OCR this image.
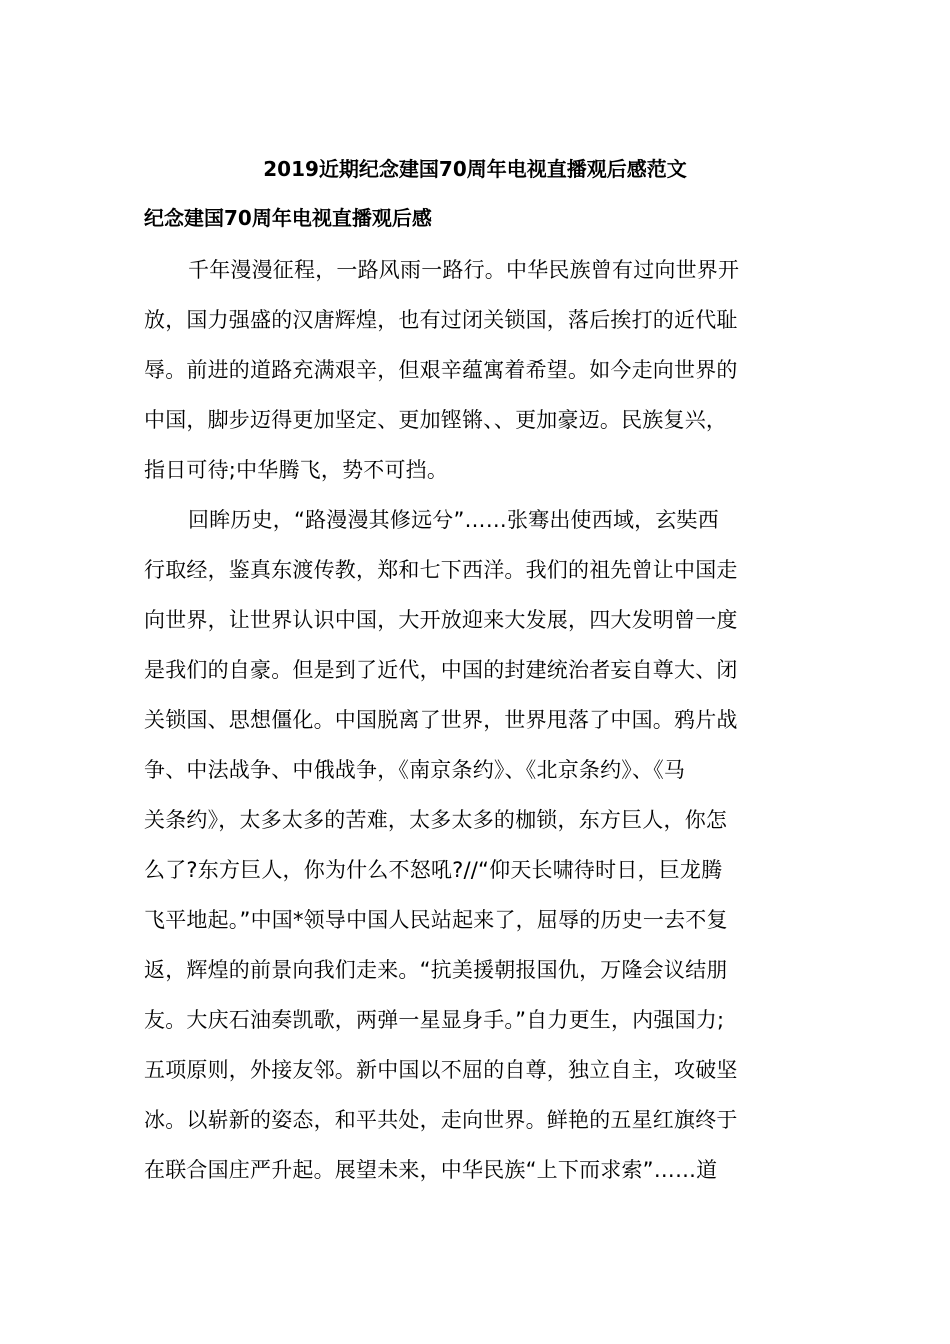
2019近期纪念建国70周年电视直播观后感范文
纪念建国70周年电视直播观后感

千年漫漫征程，一路风雨一路行。中华民族曾有过向世界开
放，国力强盛的汉唐辉煌，也有过闭关锁国，落后挨打的近代耻
辱。前进的道路充满艰辛，但艰辛蕴寓着希望。如今走向世界的
中国，脚步迈得更加坚定、更加铿锵、、更加豪迈。民族复兴，
指日可待;中华腾飞，势不可挡。

回眸历史，“路漫漫其修远兮”……张骞出使西域，玄奘西
行取经，鉴真东渡传教，郑和七下西洋。我们的祖先曾让中国走
向世界，让世界认识中国，大开放迎来大发展，四大发明曾一度
是我们的自豪。但是到了近代，中国的封建统治者妄自尊大、闭
关锁国、思想僵化。中国脱离了世界，世界甩落了中国。鸦片战
争、中法战争、中俄战争，《南京条约》、《北京条约》、《马
关条约》，太多太多的苦难，太多太多的枷锁，东方巨人，你怎
么了?东方巨人，你为什么不怒吼?//“仰天长啸待时日，巨龙腾
飞平地起。”中国*领导中国人民站起来了，屈辱的历史一去不复
返，辉煌的前景向我们走来。“抗美援朝报国仇，万隆会议结朋
友。大庆石油奏凯歌，两弹一星显身手。”自力更生，内强国力;
五项原则，外接友邻。新中国以不屈的自尊，独立自主，攻破坚
冰。以崭新的姿态，和平共处，走向世界。鲜艳的五星红旗终于
在联合国庄严升起。展望未来，中华民族“上下而求索”……道
